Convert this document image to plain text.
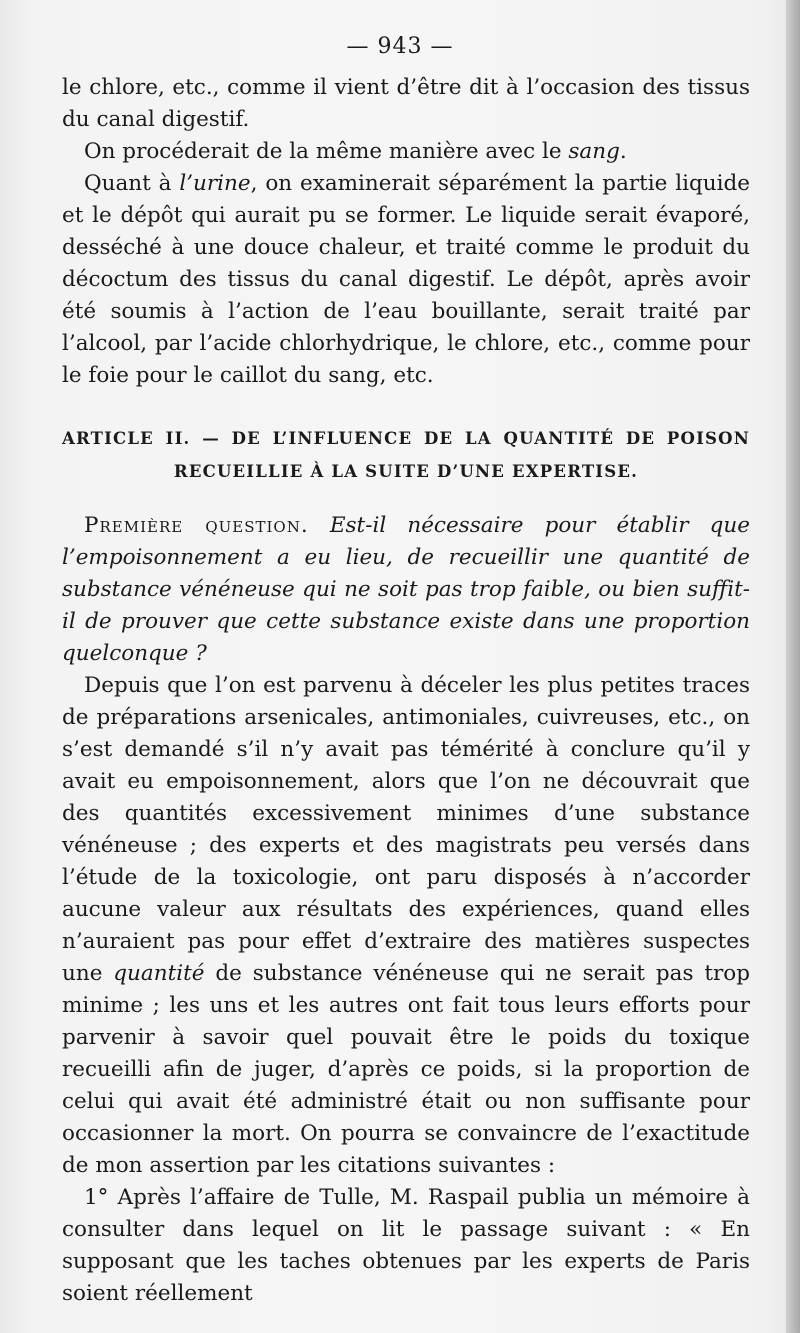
— 943 —

le chlore, etc., comme il vient d’être dit à l’occasion des tissus du canal digestif.

On procéderait de la même manière avec le sang.

Quant à l’urine, on examinerait séparément la partie liquide et le dépôt qui aurait pu se former. Le liquide serait évaporé, desséché à une douce chaleur, et traité comme le produit du décoctum des tissus du canal digestif. Le dépôt, après avoir été soumis à l’action de l’eau bouillante, serait traité par l’alcool, par l’acide chlorhydrique, le chlore, etc., comme pour le foie pour le caillot du sang, etc.

ARTICLE II. — DE L’INFLUENCE DE LA QUANTITÉ DE POISON
RECUEILLIE À LA SUITE D’UNE EXPERTISE.

Première question. Est-il nécessaire pour établir que l’empoisonnement a eu lieu, de recueillir une quantité de substance vénéneuse qui ne soit pas trop faible, ou bien suffit-il de prouver que cette substance existe dans une proportion quelconque ?

Depuis que l’on est parvenu à déceler les plus petites traces de préparations arsenicales, antimoniales, cuivreuses, etc., on s’est demandé s’il n’y avait pas témérité à conclure qu’il y avait eu empoisonnement, alors que l’on ne découvrait que des quantités excessivement minimes d’une substance vénéneuse ; des experts et des magistrats peu versés dans l’étude de la toxicologie, ont paru disposés à n’accorder aucune valeur aux résultats des expériences, quand elles n’auraient pas pour effet d’extraire des matières suspectes une quantité de substance vénéneuse qui ne serait pas trop minime ; les uns et les autres ont fait tous leurs efforts pour parvenir à savoir quel pouvait être le poids du toxique recueilli afin de juger, d’après ce poids, si la proportion de celui qui avait été administré était ou non suffisante pour occasionner la mort. On pourra se convaincre de l’exactitude de mon assertion par les citations suivantes :

1° Après l’affaire de Tulle, M. Raspail publia un mémoire à consulter dans lequel on lit le passage suivant : « En supposant que les taches obtenues par les experts de Paris soient réellement
